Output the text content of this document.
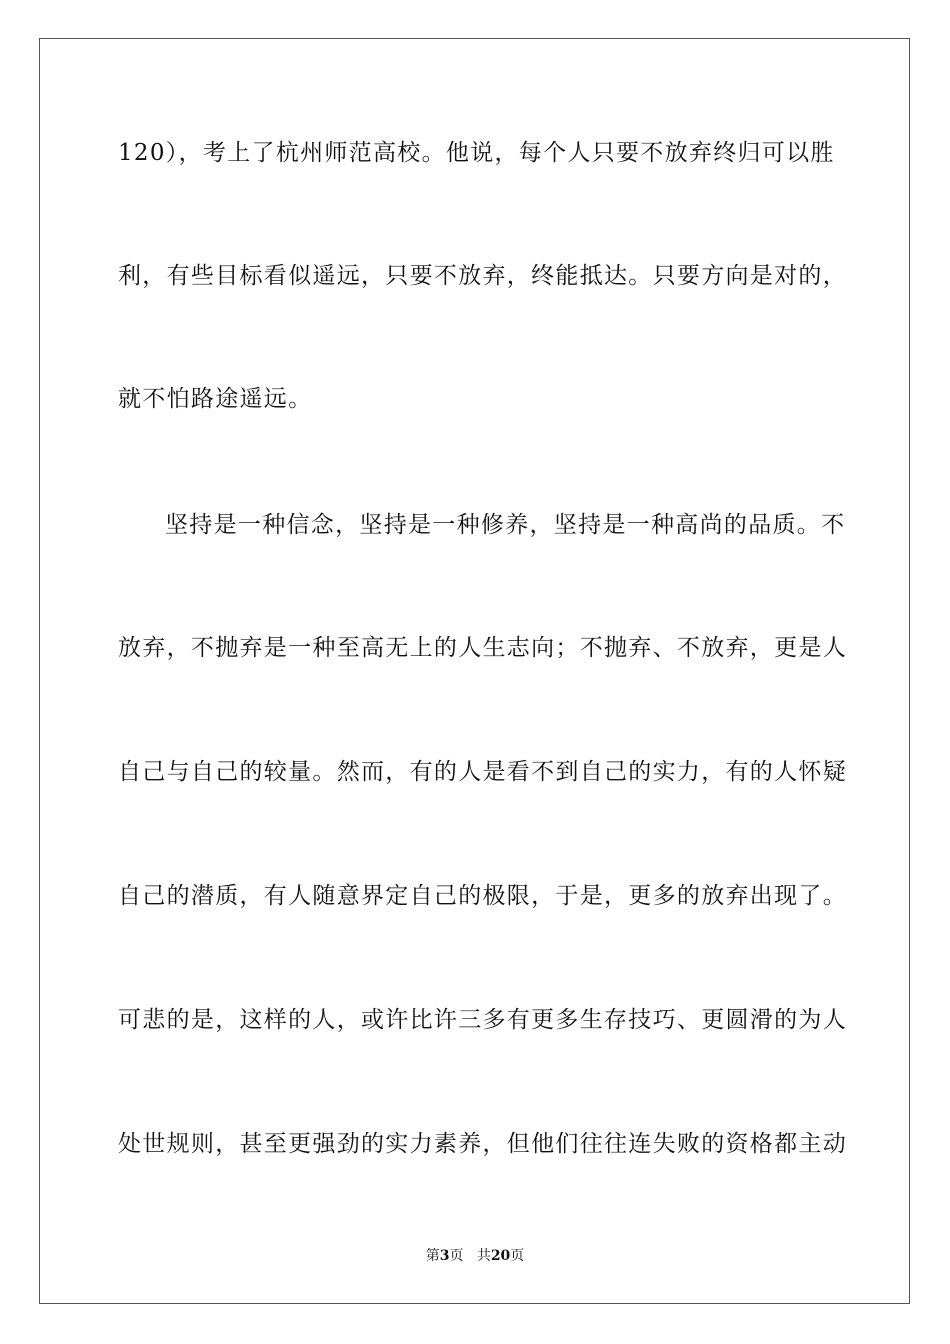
120），考上了杭州师范高校。他说，每个人只要不放弃终归可以胜
利，有些目标看似遥远，只要不放弃，终能抵达。只要方向是对的，
就不怕路途遥远。
坚持是一种信念，坚持是一种修养，坚持是一种高尚的品质。不
放弃，不抛弃是一种至高无上的人生志向；不抛弃、不放弃，更是人
自己与自己的较量。然而，有的人是看不到自己的实力，有的人怀疑
自己的潜质，有人随意界定自己的极限，于是，更多的放弃出现了。
可悲的是，这样的人，或许比许三多有更多生存技巧、更圆滑的为人
处世规则，甚至更强劲的实力素养，但他们往往连失败的资格都主动
第3页 共20页
